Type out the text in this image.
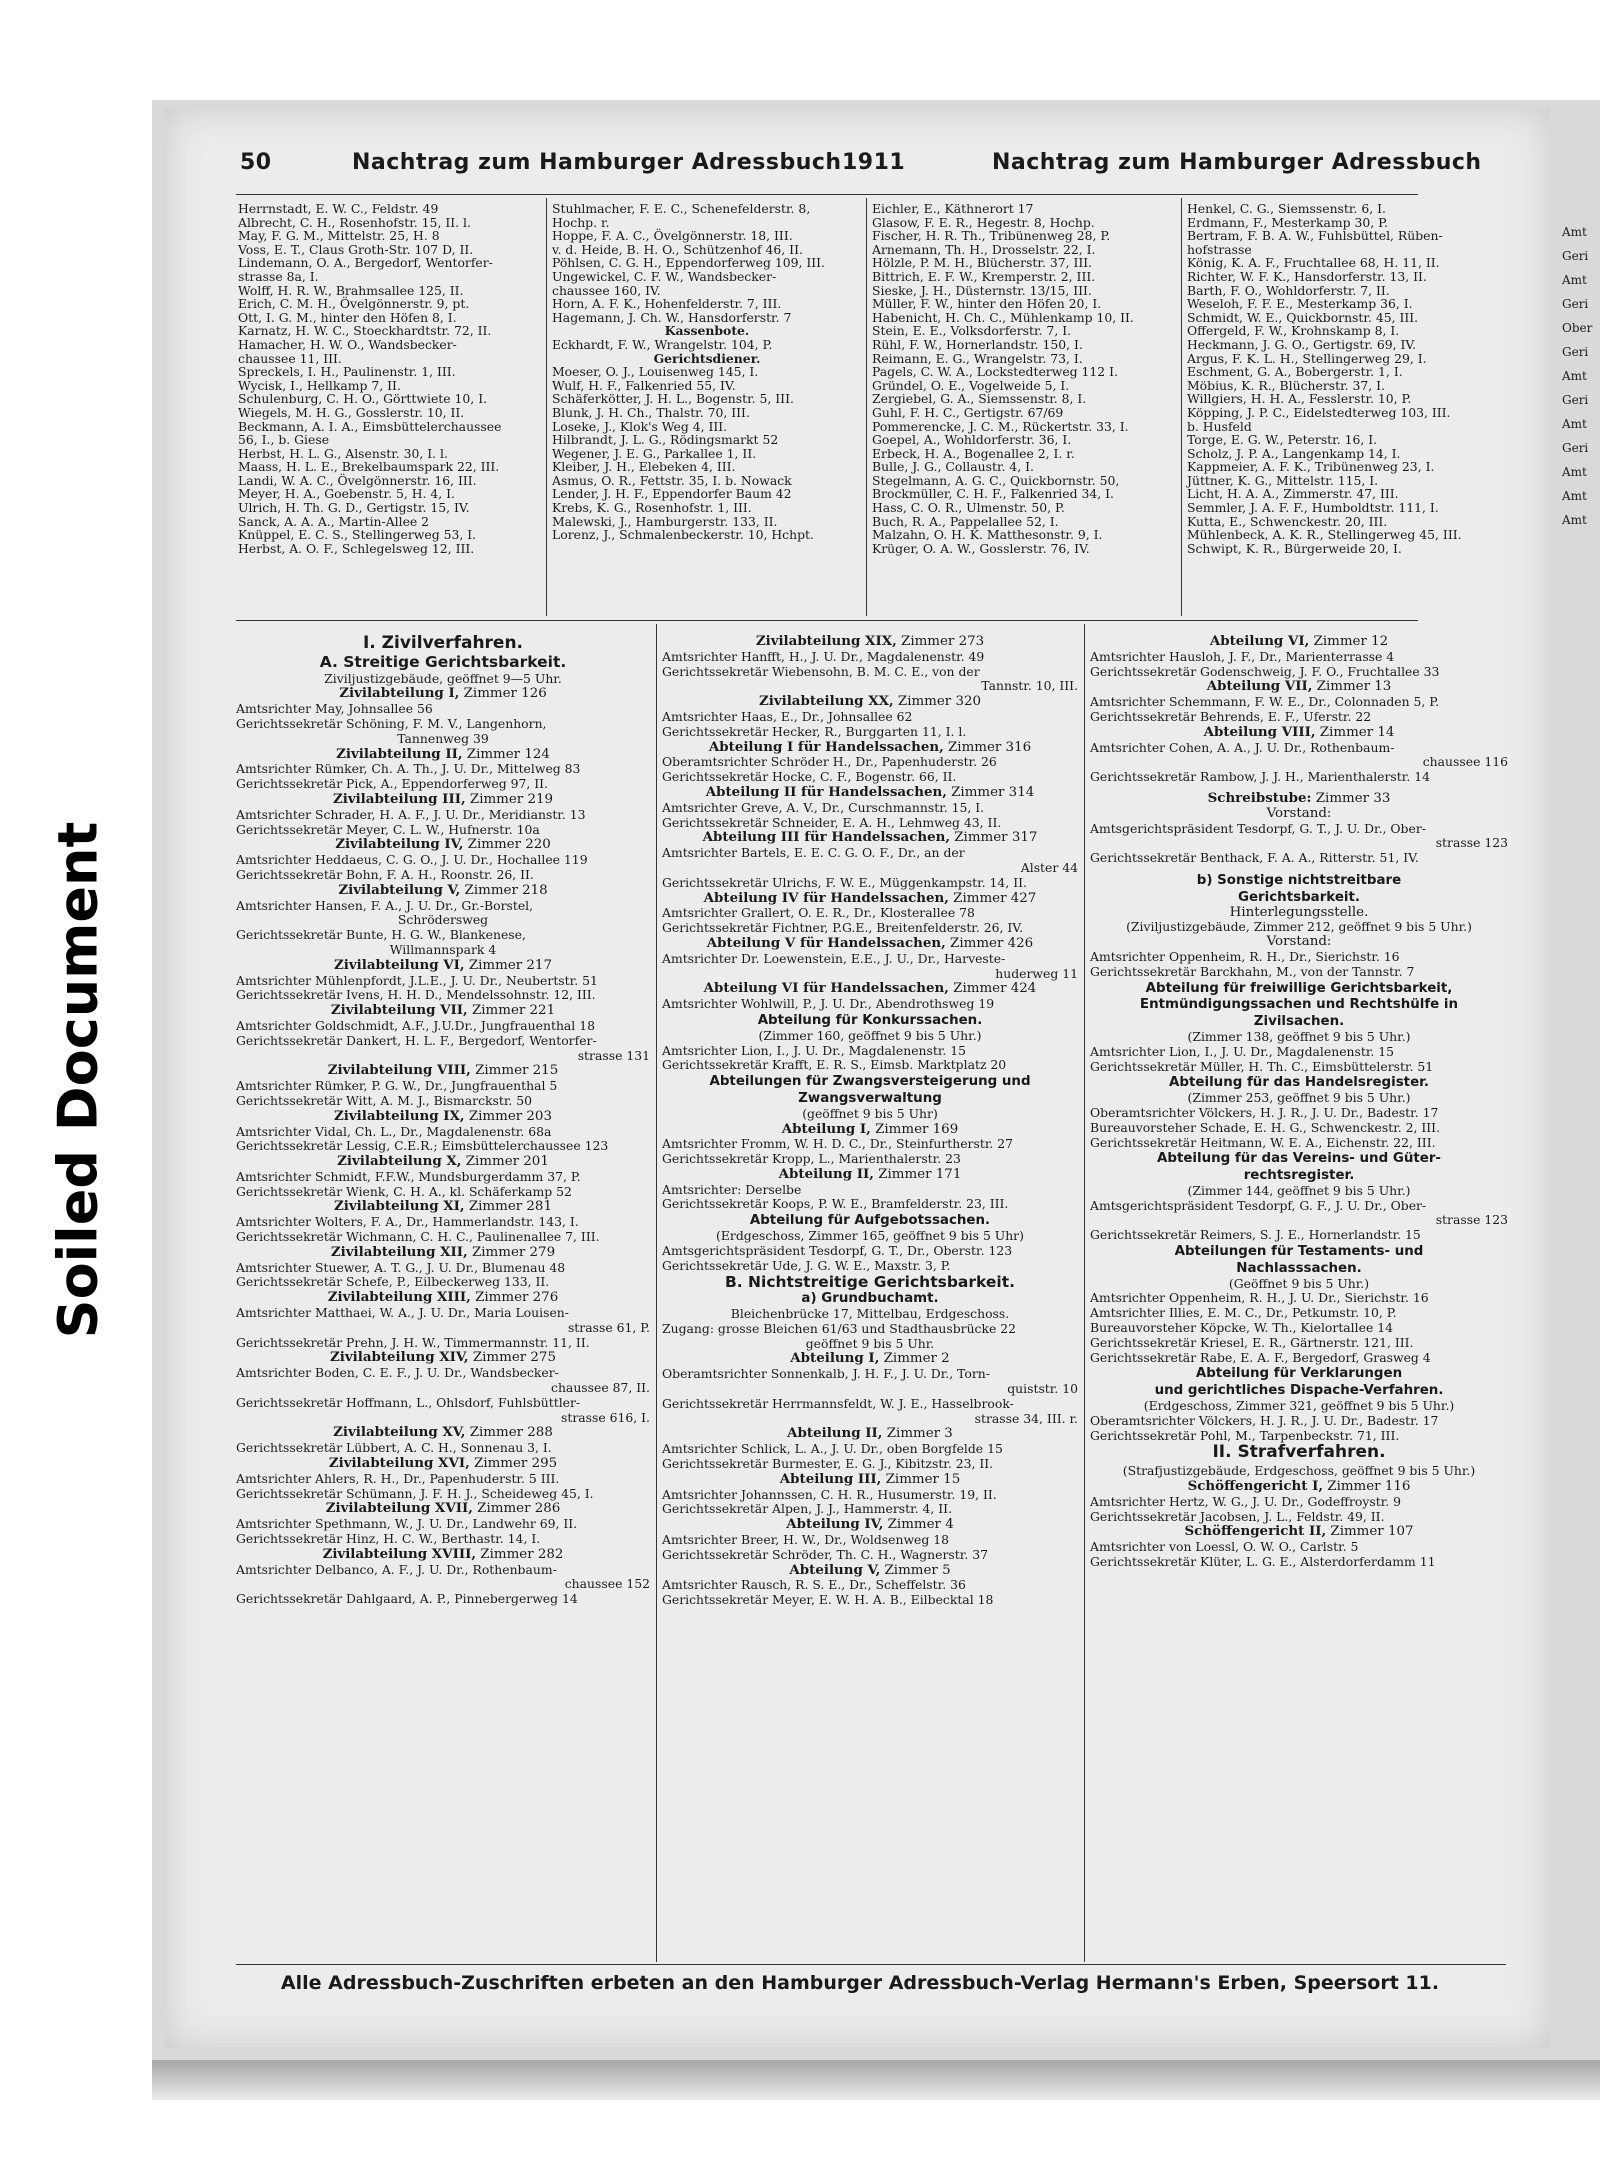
Soiled Document
50	Nachtrag zum Hamburger Adressbuch 1911	Nachtrag zum Hamburger Adressbuch
Herrnstadt, E. W. C., Feldstr. 49
Albrecht, C. H., Rosenhofstr. 15, II. l.
May, F. G. M., Mittelstr. 25, H. 8
Voss, E. T., Claus Groth-Str. 107 D, II.
Lindemann, O. A., Bergedorf, Wentorfer-
strasse 8a, I.
Wolff, H. R. W., Brahmsallee 125, II.
Erich, C. M. H., Övelgönnerstr. 9, pt.
Ott, I. G. M., hinter den Höfen 8, I.
Karnatz, H. W. C., Stoeckhardtstr. 72, II.
Hamacher, H. W. O., Wandsbecker-
chaussee 11, III.
Spreckels, I. H., Paulinenstr. 1, III.
Wycisk, I., Hellkamp 7, II.
Schulenburg, C. H. O., Görttwiete 10, I.
Wiegels, M. H. G., Gosslerstr. 10, II.
Beckmann, A. I. A., Eimsbüttelerchaussee
56, I., b. Giese
Herbst, H. L. G., Alsenstr. 30, I. l.
Maass, H. L. E., Brekelbaumspark 22, III.
Landi, W. A. C., Övelgönnerstr. 16, III.
Meyer, H. A., Goebenstr. 5, H. 4, I.
Ulrich, H. Th. G. D., Gertigstr. 15, IV.
Sanck, A. A. A., Martin-Allee 2
Knüppel, E. C. S., Stellingerweg 53, I.
Herbst, A. O. F., Schlegelsweg 12, III.
Stuhlmacher, F. E. C., Schenefelderstr. 8,
Hochp. r.
Hoppe, F. A. C., Övelgönnerstr. 18, III.
v. d. Heide, B. H. O., Schützenhof 46, II.
Pöhlsen, C. G. H., Eppendorferweg 109, III.
Ungewickel, C. F. W., Wandsbecker-
chaussee 160, IV.
Horn, A. F. K., Hohenfelderstr. 7, III.
Hagemann, J. Ch. W., Hansdorferstr. 7
Kassenbote.
Eckhardt, F. W., Wrangelstr. 104, P.
Gerichtsdiener.
Moeser, O. J., Louisenweg 145, I.
Wulf, H. F., Falkenried 55, IV.
Schäferkötter, J. H. L., Bogenstr. 5, III.
Blunk, J. H. Ch., Thalstr. 70, III.
Loseke, J., Klok's Weg 4, III.
Hilbrandt, J. L. G., Rödingsmarkt 52
Wegener, J. E. G., Parkallee 1, II.
Kleiber, J. H., Elebeken 4, III.
Asmus, O. R., Fettstr. 35, I. b. Nowack
Lender, J. H. F., Eppendorfer Baum 42
Krebs, K. G., Rosenhofstr. 1, III.
Malewski, J., Hamburgerstr. 133, II.
Lorenz, J., Schmalenbeckerstr. 10, Hchpt.
Eichler, E., Käthnerort 17
Glasow, F. E. R., Hegestr. 8, Hochp.
Fischer, H. R. Th., Tribünenweg 28, P.
Arnemann, Th. H., Drosselstr. 22, I.
Hölzle, P. M. H., Blücherstr. 37, III.
Bittrich, E. F. W., Kremperstr. 2, III.
Sieske, J. H., Düsternstr. 13/15, III.
Müller, F. W., hinter den Höfen 20, I.
Habenicht, H. Ch. C., Mühlenkamp 10, II.
Stein, E. E., Volksdorferstr. 7, I.
Rühl, F. W., Hornerlandstr. 150, I.
Reimann, E. G., Wrangelstr. 73, I.
Pagels, C. W. A., Lockstedterweg 112 I.
Gründel, O. E., Vogelweide 5, I.
Zergiebel, G. A., Siemssenstr. 8, I.
Guhl, F. H. C., Gertigstr. 67/69
Pommerencke, J. C. M., Rückertstr. 33, I.
Goepel, A., Wohldorferstr. 36, I.
Erbeck, H. A., Bogenallee 2, I. r.
Bulle, J. G., Collaustr. 4, I.
Stegelmann, A. G. C., Quickbornstr. 50,
Brockmüller, C. H. F., Falkenried 34, I.
Hass, C. O. R., Ulmenstr. 50, P.
Buch, R. A., Pappelallee 52, I.
Malzahn, O. H. K. Matthesonstr. 9, I.
Krüger, O. A. W., Gosslerstr. 76, IV.
Henkel, C. G., Siemssenstr. 6, I.
Erdmann, F., Mesterkamp 30, P.
Bertram, F. B. A. W., Fuhlsbüttel, Rüben-
hofstrasse
König, K. A. F., Fruchtallee 68, H. 11, II.
Richter, W. F. K., Hansdorferstr. 13, II.
Barth, F. O., Wohldorferstr. 7, II.
Weseloh, F. F. E., Mesterkamp 36, I.
Schmidt, W. E., Quickbornstr. 45, III.
Offergeld, F. W., Krohnskamp 8, I.
Heckmann, J. G. O., Gertigstr. 69, IV.
Argus, F. K. L. H., Stellingerweg 29, I.
Eschment, G. A., Bobergerstr. 1, I.
Möbius, K. R., Blücherstr. 37, I.
Willgiers, H. H. A., Fesslerstr. 10, P.
Köpping, J. P. C., Eidelstedterweg 103, III.
b. Husfeld
Torge, E. G. W., Peterstr. 16, I.
Scholz, J. P. A., Langenkamp 14, I.
Kappmeier, A. F. K., Tribünenweg 23, I.
Jüttner, K. G., Mittelstr. 115, I.
Licht, H. A. A., Zimmerstr. 47, III.
Semmler, J. A. F. F., Humboldtstr. 111, I.
Kutta, E., Schwenckestr. 20, III.
Mühlenbeck, A. K. R., Stellingerweg 45, III.
Schwipt, K. R., Bürgerweide 20, I.
I. Zivilverfahren.
A. Streitige Gerichtsbarkeit.
Ziviljustizgebäude, geöffnet 9—5 Uhr.
Zivilabteilung I, Zimmer 126
Amtsrichter May, Johnsallee 56
Gerichtssekretär Schöning, F. M. V., Langenhorn,
Tannenweg 39
Zivilabteilung II, Zimmer 124
Amtsrichter Rümker, Ch. A. Th., J. U. Dr., Mittelweg 83
Gerichtssekretär Pick, A., Eppendorferweg 97, II.
Zivilabteilung III, Zimmer 219
Amtsrichter Schrader, H. A. F., J. U. Dr., Meridianstr. 13
Gerichtssekretär Meyer, C. L. W., Hufnerstr. 10a
Zivilabteilung IV, Zimmer 220
Amtsrichter Heddaeus, C. G. O., J. U. Dr., Hochallee 119
Gerichtssekretär Bohn, F. A. H., Roonstr. 26, II.
Zivilabteilung V, Zimmer 218
Amtsrichter Hansen, F. A., J. U. Dr., Gr.-Borstel,
Schrödersweg
Gerichtssekretär Bunte, H. G. W., Blankenese,
Willmannspark 4
Zivilabteilung VI, Zimmer 217
Amtsrichter Mühlenpfordt, J.L.E., J. U. Dr., Neubertstr. 51
Gerichtssekretär Ivens, H. H. D., Mendelssohnstr. 12, III.
Zivilabteilung VII, Zimmer 221
Amtsrichter Goldschmidt, A.F., J.U.Dr., Jungfrauenthal 18
Gerichtssekretär Dankert, H. L. F., Bergedorf, Wentorfer-
strasse 131
Zivilabteilung VIII, Zimmer 215
Amtsrichter Rümker, P. G. W., Dr., Jungfrauenthal 5
Gerichtssekretär Witt, A. M. J., Bismarckstr. 50
Zivilabteilung IX, Zimmer 203
Amtsrichter Vidal, Ch. L., Dr., Magdalenenstr. 68a
Gerichtssekretär Lessig, C.E.R.; Eimsbüttelerchaussee 123
Zivilabteilung X, Zimmer 201
Amtsrichter Schmidt, F.F.W., Mundsburgerdamm 37, P.
Gerichtssekretär Wienk, C. H. A., kl. Schäferkamp 52
Zivilabteilung XI, Zimmer 281
Amtsrichter Wolters, F. A., Dr., Hammerlandstr. 143, I.
Gerichtssekretär Wichmann, C. H. C., Paulinenallee 7, III.
Zivilabteilung XII, Zimmer 279
Amtsrichter Stuewer, A. T. G., J. U. Dr., Blumenau 48
Gerichtssekretär Schefe, P., Eilbeckerweg 133, II.
Zivilabteilung XIII, Zimmer 276
Amtsrichter Matthaei, W. A., J. U. Dr., Maria Louisen-
strasse 61, P.
Gerichtssekretär Prehn, J. H. W., Timmermannstr. 11, II.
Zivilabteilung XIV, Zimmer 275
Amtsrichter Boden, C. E. F., J. U. Dr., Wandsbecker-
chaussee 87, II.
Gerichtssekretär Hoffmann, L., Ohlsdorf, Fuhlsbüttler-
strasse 616, I.
Zivilabteilung XV, Zimmer 288
Gerichtssekretär Lübbert, A. C. H., Sonnenau 3, I.
Zivilabteilung XVI, Zimmer 295
Amtsrichter Ahlers, R. H., Dr., Papenhuderstr. 5 III.
Gerichtssekretär Schümann, J. F. H. J., Scheideweg 45, I.
Zivilabteilung XVII, Zimmer 286
Amtsrichter Spethmann, W., J. U. Dr., Landwehr 69, II.
Gerichtssekretär Hinz, H. C. W., Berthastr. 14, I.
Zivilabteilung XVIII, Zimmer 282
Amtsrichter Delbanco, A. F., J. U. Dr., Rothenbaum-
chaussee 152
Gerichtssekretär Dahlgaard, A. P., Pinnebergerweg 14
Zivilabteilung XIX, Zimmer 273
Amtsrichter Hanfft, H., J. U. Dr., Magdalenenstr. 49
Gerichtssekretär Wiebensohn, B. M. C. E., von der
Tannstr. 10, III.
Zivilabteilung XX, Zimmer 320
Amtsrichter Haas, E., Dr., Johnsallee 62
Gerichtssekretär Hecker, R., Burggarten 11, I. l.
Abteilung I für Handelssachen, Zimmer 316
Oberamtsrichter Schröder H., Dr., Papenhuderstr. 26
Gerichtssekretär Hocke, C. F., Bogenstr. 66, II.
Abteilung II für Handelssachen, Zimmer 314
Amtsrichter Greve, A. V., Dr., Curschmannstr. 15, I.
Gerichtssekretär Schneider, E. A. H., Lehmweg 43, II.
Abteilung III für Handelssachen, Zimmer 317
Amtsrichter Bartels, E. E. C. G. O. F., Dr., an der
Alster 44
Gerichtssekretär Ulrichs, F. W. E., Müggenkampstr. 14, II.
Abteilung IV für Handelssachen, Zimmer 427
Amtsrichter Grallert, O. E. R., Dr., Klosterallee 78
Gerichtssekretär Fichtner, P.G.E., Breitenfelderstr. 26, IV.
Abteilung V für Handelssachen, Zimmer 426
Amtsrichter Dr. Loewenstein, E.E., J. U., Dr., Harveste-
huderweg 11
Abteilung VI für Handelssachen, Zimmer 424
Amtsrichter Wohlwill, P., J. U. Dr., Abendrothsweg 19
Abteilung für Konkurssachen.
(Zimmer 160, geöffnet 9 bis 5 Uhr.)
Amtsrichter Lion, I., J. U. Dr., Magdalenenstr. 15
Gerichtssekretär Krafft, E. R. S., Eimsb. Marktplatz 20
Abteilungen für Zwangsversteigerung und
Zwangsverwaltung
(geöffnet 9 bis 5 Uhr)
Abteilung I, Zimmer 169
Amtsrichter Fromm, W. H. D. C., Dr., Steinfurtherstr. 27
Gerichtssekretär Kropp, L., Marienthalerstr. 23
Abteilung II, Zimmer 171
Amtsrichter: Derselbe
Gerichtssekretär Koops, P. W. E., Bramfelderstr. 23, III.
Abteilung für Aufgebotssachen.
(Erdgeschoss, Zimmer 165, geöffnet 9 bis 5 Uhr)
Amtsgerichtspräsident Tesdorpf, G. T., Dr., Oberstr. 123
Gerichtssekretär Ude, J. G. W. E., Maxstr. 3, P.
B. Nichtstreitige Gerichtsbarkeit.
a) Grundbuchamt.
Bleichenbrücke 17, Mittelbau, Erdgeschoss.
Zugang: grosse Bleichen 61/63 und Stadthausbrücke 22
geöffnet 9 bis 5 Uhr.
Abteilung I, Zimmer 2
Oberamtsrichter Sonnenkalb, J. H. F., J. U. Dr., Torn-
quiststr. 10
Gerichtssekretär Herrmannsfeldt, W. J. E., Hasselbrook-
strasse 34, III. r.
Abteilung II, Zimmer 3
Amtsrichter Schlick, L. A., J. U. Dr., oben Borgfelde 15
Gerichtssekretär Burmester, E. G. J., Kibitzstr. 23, II.
Abteilung III, Zimmer 15
Amtsrichter Johannssen, C. H. R., Husumerstr. 19, II.
Gerichtssekretär Alpen, J. J., Hammerstr. 4, II.
Abteilung IV, Zimmer 4
Amtsrichter Breer, H. W., Dr., Woldsenweg 18
Gerichtssekretär Schröder, Th. C. H., Wagnerstr. 37
Abteilung V, Zimmer 5
Amtsrichter Rausch, R. S. E., Dr., Scheffelstr. 36
Gerichtssekretär Meyer, E. W. H. A. B., Eilbecktal 18
Abteilung VI, Zimmer 12
Amtsrichter Hausloh, J. F., Dr., Marienterrasse 4
Gerichtssekretär Godenschweig, J. F. O., Fruchtallee 33
Abteilung VII, Zimmer 13
Amtsrichter Schemmann, F. W. E., Dr., Colonnaden 5, P.
Gerichtssekretär Behrends, E. F., Uferstr. 22
Abteilung VIII, Zimmer 14
Amtsrichter Cohen, A. A., J. U. Dr., Rothenbaum-
chaussee 116
Gerichtssekretär Rambow, J. J. H., Marienthalerstr. 14
Schreibstube: Zimmer 33
Vorstand:
Amtsgerichtspräsident Tesdorpf, G. T., J. U. Dr., Ober-
strasse 123
Gerichtssekretär Benthack, F. A. A., Ritterstr. 51, IV.
b) Sonstige nichtstreitbare
Gerichtsbarkeit.
Hinterlegungsstelle.
(Ziviljustizgebäude, Zimmer 212, geöffnet 9 bis 5 Uhr.)
Vorstand:
Amtsrichter Oppenheim, R. H., Dr., Sierichstr. 16
Gerichtssekretär Barckhahn, M., von der Tannstr. 7
Abteilung für freiwillige Gerichtsbarkeit,
Entmündigungssachen und Rechtshülfe in
Zivilsachen.
(Zimmer 138, geöffnet 9 bis 5 Uhr.)
Amtsrichter Lion, I., J. U. Dr., Magdalenenstr. 15
Gerichtssekretär Müller, H. Th. C., Eimsbüttelerstr. 51
Abteilung für das Handelsregister.
(Zimmer 253, geöffnet 9 bis 5 Uhr.)
Oberamtsrichter Völckers, H. J. R., J. U. Dr., Badestr. 17
Bureauvorsteher Schade, E. H. G., Schwenckestr. 2, III.
Gerichtssekretär Heitmann, W. E. A., Eichenstr. 22, III.
Abteilung für das Vereins- und Güter-
rechtsregister.
(Zimmer 144, geöffnet 9 bis 5 Uhr.)
Amtsgerichtspräsident Tesdorpf, G. F., J. U. Dr., Ober-
strasse 123
Gerichtssekretär Reimers, S. J. E., Hornerlandstr. 15
Abteilungen für Testaments- und
Nachlasssachen.
(Geöffnet 9 bis 5 Uhr.)
Amtsrichter Oppenheim, R. H., J. U. Dr., Sierichstr. 16
Amtsrichter Illies, E. M. C., Dr., Petkumstr. 10, P.
Bureauvorsteher Köpcke, W. Th., Kielortallee 14
Gerichtssekretär Kriesel, E. R., Gärtnerstr. 121, III.
Gerichtssekretär Rabe, E. A. F., Bergedorf, Grasweg 4
Abteilung für Verklarungen
und gerichtliches Dispache-Verfahren.
(Erdgeschoss, Zimmer 321, geöffnet 9 bis 5 Uhr.)
Oberamtsrichter Völckers, H. J. R., J. U. Dr., Badestr. 17
Gerichtssekretär Pohl, M., Tarpenbeckstr. 71, III.
II. Strafverfahren.
(Strafjustizgebäude, Erdgeschoss, geöffnet 9 bis 5 Uhr.)
Schöffengericht I, Zimmer 116
Amtsrichter Hertz, W. G., J. U. Dr., Godeffroystr. 9
Gerichtssekretär Jacobsen, J. L., Feldstr. 49, II.
Schöffengericht II, Zimmer 107
Amtsrichter von Loessl, O. W. O., Carlstr. 5
Gerichtssekretär Klüter, L. G. E., Alsterdorferdamm 11
Alle Adressbuch-Zuschriften erbeten an den Hamburger Adressbuch-Verlag Hermann's Erben, Speersort 11.
Amt
Geri
Amt
Geri
Ober
Geri
Amt
Geri
Amt
Geri
Amt
Amt
Amt
